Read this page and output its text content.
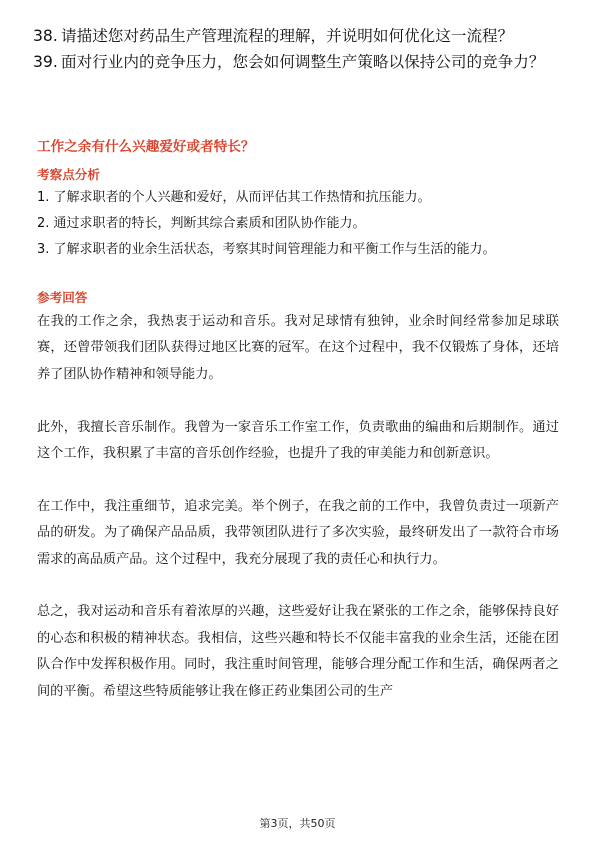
38. 请描述您对药品生产管理流程的理解，并说明如何优化这一流程？
39. 面对行业内的竞争压力，您会如何调整生产策略以保持公司的竞争力？
工作之余有什么兴趣爱好或者特长？
考察点分析
1. 了解求职者的个人兴趣和爱好，从而评估其工作热情和抗压能力。
2. 通过求职者的特长，判断其综合素质和团队协作能力。
3. 了解求职者的业余生活状态，考察其时间管理能力和平衡工作与生活的能力。
参考回答

在我的工作之余，我热衷于运动和音乐。我对足球情有独钟，业余时间经常参加足球联赛，还曾带领我们团队获得过地区比赛的冠军。在这个过程中，我不仅锻炼了身体，还培养了团队协作精神和领导能力。

此外，我擅长音乐制作。我曾为一家音乐工作室工作，负责歌曲的编曲和后期制作。通过这个工作，我积累了丰富的音乐创作经验，也提升了我的审美能力和创新意识。

在工作中，我注重细节，追求完美。举个例子，在我之前的工作中，我曾负责过一项新产品的研发。为了确保产品品质，我带领团队进行了多次实验，最终研发出了一款符合市场需求的高品质产品。这个过程中，我充分展现了我的责任心和执行力。

总之，我对运动和音乐有着浓厚的兴趣，这些爱好让我在紧张的工作之余，能够保持良好的心态和积极的精神状态。我相信，这些兴趣和特长不仅能丰富我的业余生活，还能在团队合作中发挥积极作用。同时，我注重时间管理，能够合理分配工作和生活，确保两者之间的平衡。希望这些特质能够让我在修正药业集团公司的生产

第3页，共50页
